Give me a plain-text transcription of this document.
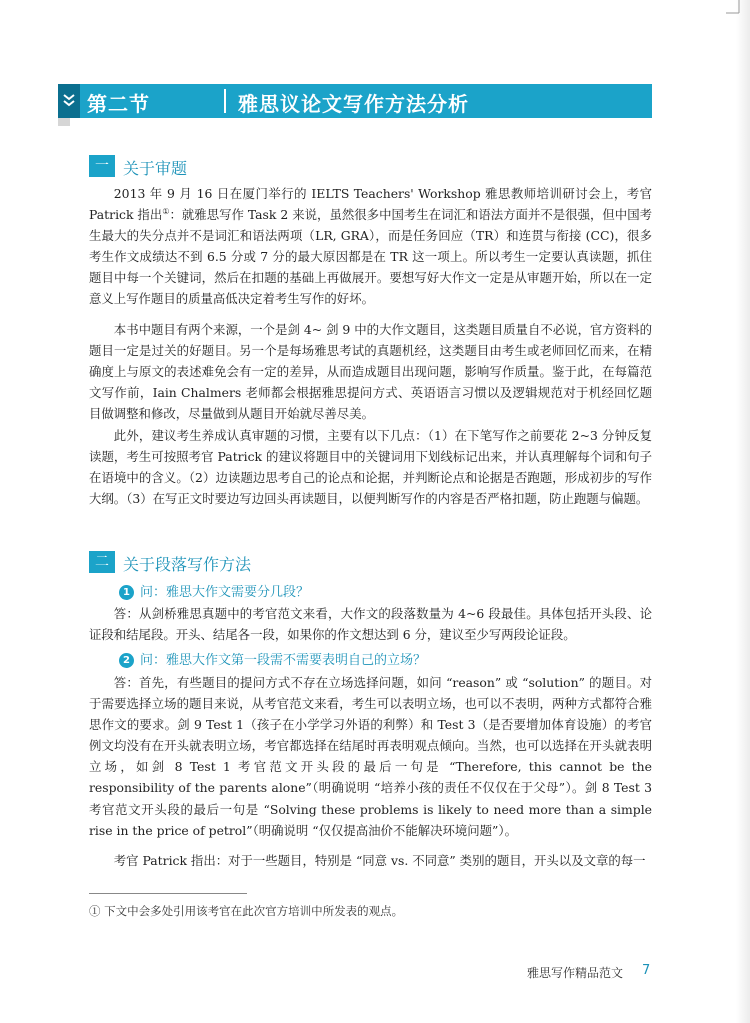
第二节	雅思议论文写作方法分析
一 关于审题

2013 年 9 月 16 日在厦门举行的 IELTS Teachers' Workshop 雅思教师培训研讨会上，考官 Patrick 指出①：就雅思写作 Task 2 来说，虽然很多中国考生在词汇和语法方面并不是很强，但中国考生最大的失分点并不是词汇和语法两项（LR, GRA），而是任务回应（TR）和连贯与衔接 (CC)，很多考生作文成绩达不到 6.5 分或 7 分的最大原因都是在 TR 这一项上。所以考生一定要认真读题，抓住题目中每一个关键词，然后在扣题的基础上再做展开。要想写好大作文一定是从审题开始，所以在一定意义上写作题目的质量高低决定着考生写作的好坏。

本书中题目有两个来源，一个是剑 4~ 剑 9 中的大作文题目，这类题目质量自不必说，官方资料的题目一定是过关的好题目。另一个是每场雅思考试的真题机经，这类题目由考生或老师回忆而来，在精确度上与原文的表述难免会有一定的差异，从而造成题目出现问题，影响写作质量。鉴于此，在每篇范文写作前，Iain Chalmers 老师都会根据雅思提问方式、英语语言习惯以及逻辑规范对于机经回忆题目做调整和修改，尽量做到从题目开始就尽善尽美。

此外，建议考生养成认真审题的习惯，主要有以下几点：（1）在下笔写作之前要花 2~3 分钟反复读题，考生可按照考官 Patrick 的建议将题目中的关键词用下划线标记出来，并认真理解每个词和句子在语境中的含义。（2）边读题边思考自己的论点和论据，并判断论点和论据是否跑题，形成初步的写作大纲。（3）在写正文时要边写边回头再读题目，以便判断写作的内容是否严格扣题，防止跑题与偏题。

二 关于段落写作方法
1 问：雅思大作文需要分几段？

答：从剑桥雅思真题中的考官范文来看，大作文的段落数量为 4~6 段最佳。具体包括开头段、论证段和结尾段。开头、结尾各一段，如果你的作文想达到 6 分，建议至少写两段论证段。

2 问：雅思大作文第一段需不需要表明自己的立场？

答：首先，有些题目的提问方式不存在立场选择问题，如问 “reason” 或 “solution” 的题目。对于需要选择立场的题目来说，从考官范文来看，考生可以表明立场，也可以不表明，两种方式都符合雅思作文的要求。剑 9 Test 1（孩子在小学学习外语的利弊）和 Test 3（是否要增加体育设施）的考官例文均没有在开头就表明立场，考官都选择在结尾时再表明观点倾向。当然，也可以选择在开头就表明立场，如剑 8 Test 1 考官范文开头段的最后一句是 “Therefore, this cannot be the responsibility of the parents alone”（明确说明 “培养小孩的责任不仅仅在于父母”）。剑 8 Test 3 考官范文开头段的最后一句是 “Solving these problems is likely to need more than a simple rise in the price of petrol”（明确说明 “仅仅提高油价不能解决环境问题”）。

考官 Patrick 指出：对于一些题目，特别是 “同意 vs. 不同意” 类别的题目，开头以及文章的每一

① 下文中会多处引用该考官在此次官方培训中所发表的观点。
雅思写作精品范文 7
